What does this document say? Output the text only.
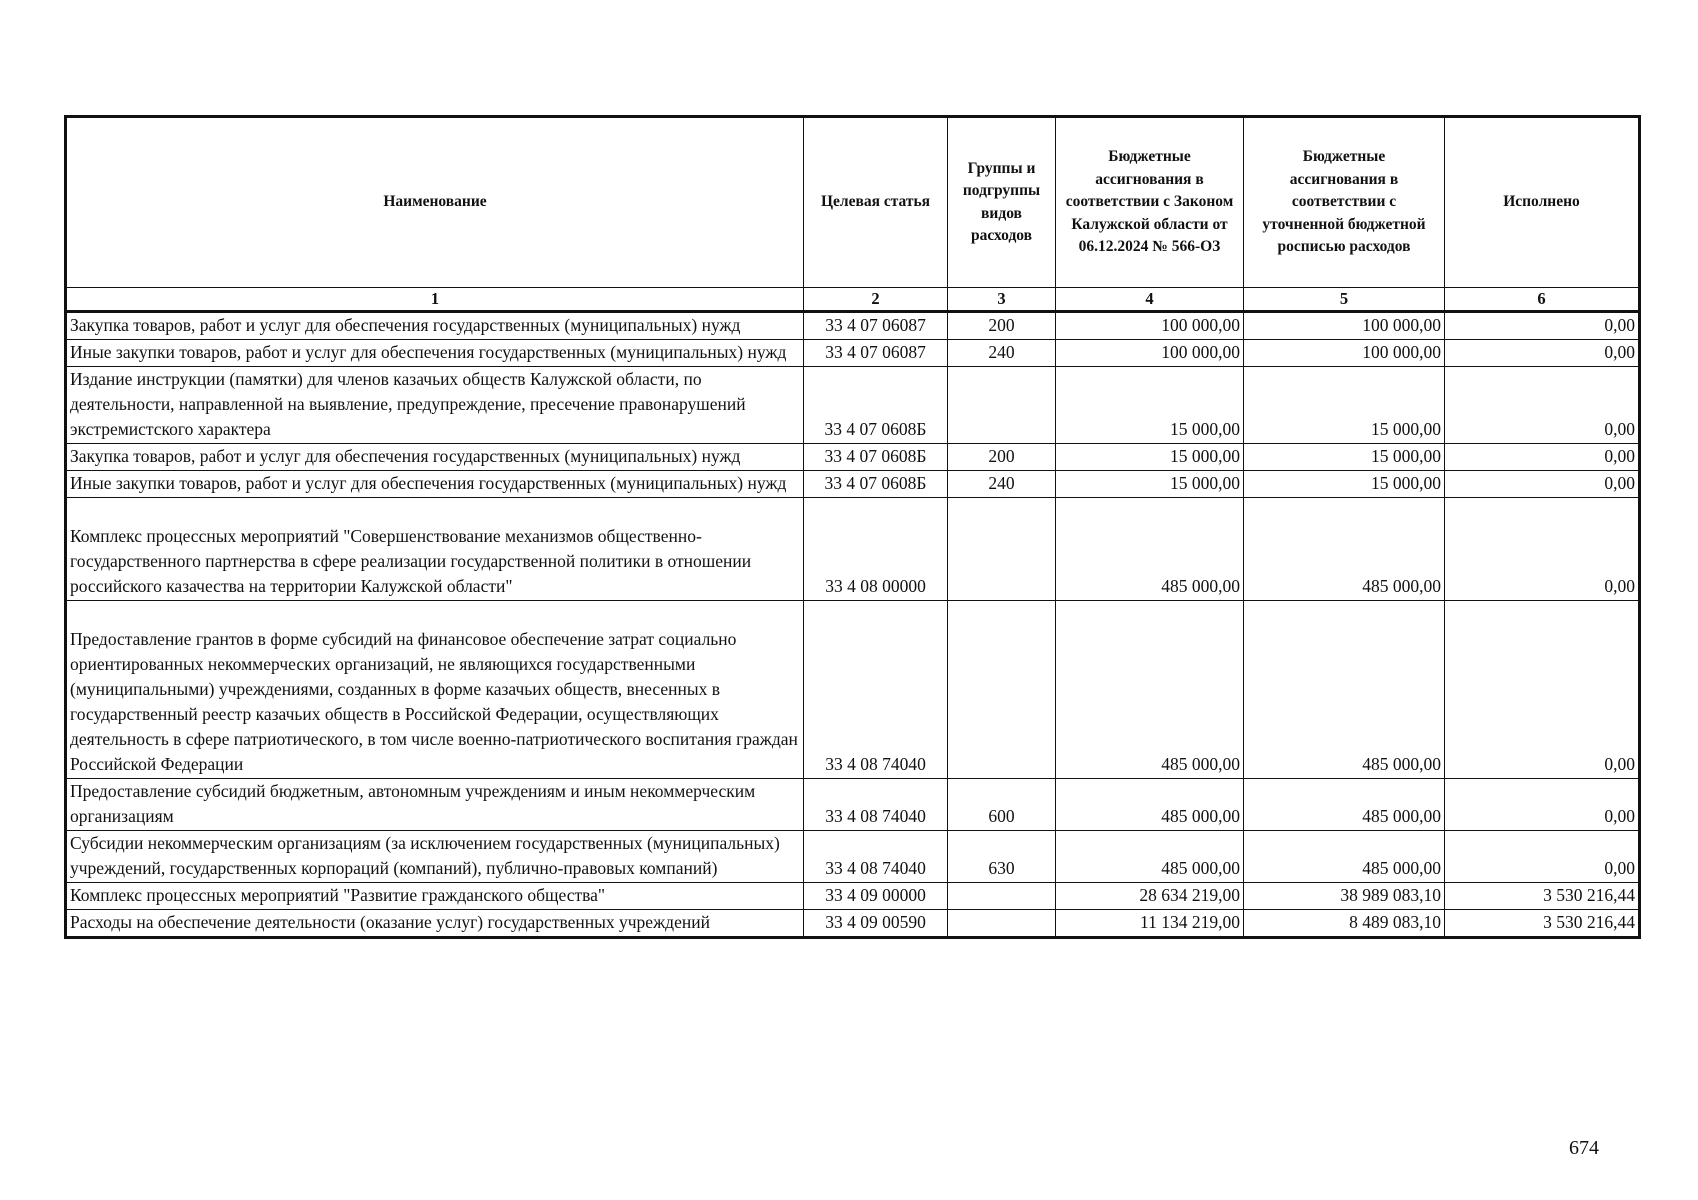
Наименование	Целевая статья	Группы и подгруппы видов расходов	Бюджетные ассигнования в соответствии с Законом Калужской области от 06.12.2024 № 566-ОЗ	Бюджетные ассигнования в соответствии с уточненной бюджетной росписью расходов	Исполнено
1	2	3	4	5	6
Закупка товаров, работ и услуг для обеспечения государственных (муниципальных) нужд	33 4 07 06087	200	100 000,00	100 000,00	0,00
Иные закупки товаров, работ и услуг для обеспечения государственных (муниципальных) нужд	33 4 07 06087	240	100 000,00	100 000,00	0,00
Издание инструкции (памятки) для членов казачьих обществ Калужской области, по деятельности, направленной на выявление, предупреждение, пресечение правонарушений экстремистского характера	33 4 07 0608Б		15 000,00	15 000,00	0,00
Закупка товаров, работ и услуг для обеспечения государственных (муниципальных) нужд	33 4 07 0608Б	200	15 000,00	15 000,00	0,00
Иные закупки товаров, работ и услуг для обеспечения государственных (муниципальных) нужд	33 4 07 0608Б	240	15 000,00	15 000,00	0,00
Комплекс процессных мероприятий "Совершенствование механизмов общественно-государственного партнерства в сфере реализации государственной политики в отношении российского казачества на территории Калужской области"	33 4 08 00000		485 000,00	485 000,00	0,00
Предоставление грантов в форме субсидий на финансовое обеспечение затрат социально ориентированных некоммерческих организаций, не являющихся государственными (муниципальными) учреждениями, созданных в форме казачьих обществ, внесенных в государственный реестр казачьих обществ в Российской Федерации, осуществляющих деятельность в сфере патриотического, в том числе военно-патриотического воспитания граждан Российской Федерации	33 4 08 74040		485 000,00	485 000,00	0,00
Предоставление субсидий бюджетным, автономным учреждениям и иным некоммерческим организациям	33 4 08 74040	600	485 000,00	485 000,00	0,00
Субсидии некоммерческим организациям (за исключением государственных (муниципальных) учреждений, государственных корпораций (компаний), публично-правовых компаний)	33 4 08 74040	630	485 000,00	485 000,00	0,00
Комплекс процессных мероприятий "Развитие гражданского общества"	33 4 09 00000		28 634 219,00	38 989 083,10	3 530 216,44
Расходы на обеспечение деятельности (оказание услуг) государственных учреждений	33 4 09 00590		11 134 219,00	8 489 083,10	3 530 216,44
674
